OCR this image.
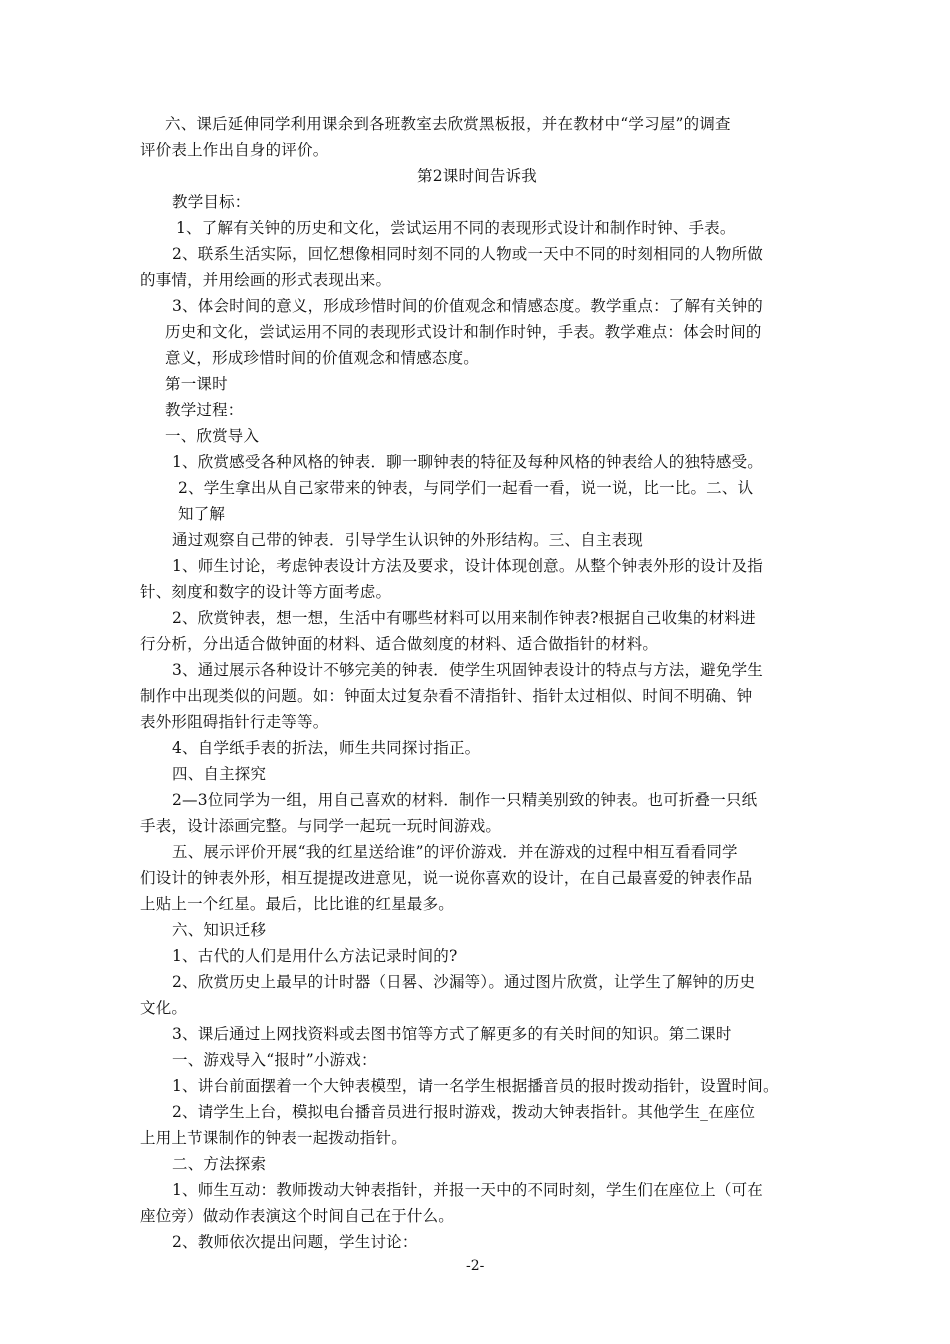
六、课后延伸同学利用课余到各班教室去欣赏黑板报，并在教材中“学习屋”的调查
评价表上作出自身的评价。
第2课时间告诉我
教学目标：
1、了解有关钟的历史和文化，尝试运用不同的表现形式设计和制作时钟、手表。
2、联系生活实际，回忆想像相同时刻不同的人物或一天中不同的时刻相同的人物所做
的事情，并用绘画的形式表现出来。
3、体会时间的意义，形成珍惜时间的价值观念和情感态度。教学重点：了解有关钟的
历史和文化，尝试运用不同的表现形式设计和制作时钟，手表。教学难点：体会时间的
意义，形成珍惜时间的价值观念和情感态度。
第一课时
教学过程：
一、欣赏导入
1、欣赏感受各种风格的钟表．聊一聊钟表的特征及每种风格的钟表给人的独特感受。
2、学生拿出从自己家带来的钟表，与同学们一起看一看，说一说，比一比。二、认
知了解
通过观察自己带的钟表．引导学生认识钟的外形结构。三、自主表现
1、师生讨论，考虑钟表设计方法及要求，设计体现创意。从整个钟表外形的设计及指
针、刻度和数字的设计等方面考虑。
2、欣赏钟表，想一想，生活中有哪些材料可以用来制作钟表?根据自己收集的材料进
行分析，分出适合做钟面的材料、适合做刻度的材料、适合做指针的材料。
3、通过展示各种设计不够完美的钟表．使学生巩固钟表设计的特点与方法，避免学生
制作中出现类似的问题。如：钟面太过复杂看不清指针、指针太过相似、时间不明确、钟
表外形阻碍指针行走等等。
4、自学纸手表的折法，师生共同探讨指正。
四、自主探究
2—3位同学为一组，用自己喜欢的材料．制作一只精美别致的钟表。也可折叠一只纸
手表，设计添画完整。与同学一起玩一玩时间游戏。
五、展示评价开展“我的红星送给谁”的评价游戏．并在游戏的过程中相互看看同学
们设计的钟表外形，相互提提改进意见，说一说你喜欢的设计，在自己最喜爱的钟表作品
上贴上一个红星。最后，比比谁的红星最多。
六、知识迁移
1、古代的人们是用什么方法记录时间的?
2、欣赏历史上最早的计时器（日晷、沙漏等）。通过图片欣赏，让学生了解钟的历史
文化。
3、课后通过上网找资料或去图书馆等方式了解更多的有关时间的知识。第二课时
一、游戏导入“报时”小游戏：
1、讲台前面摆着一个大钟表模型，请一名学生根据播音员的报时拨动指针，设置时间。
2、请学生上台，模拟电台播音员进行报时游戏，拨动大钟表指针。其他学生_在座位
上用上节课制作的钟表一起拨动指针。
二、方法探索
1、师生互动：教师拨动大钟表指针，并报一天中的不同时刻，学生们在座位上（可在
座位旁）做动作表演这个时间自己在于什么。
2、教师依次提出问题，学生讨论：
-2-
